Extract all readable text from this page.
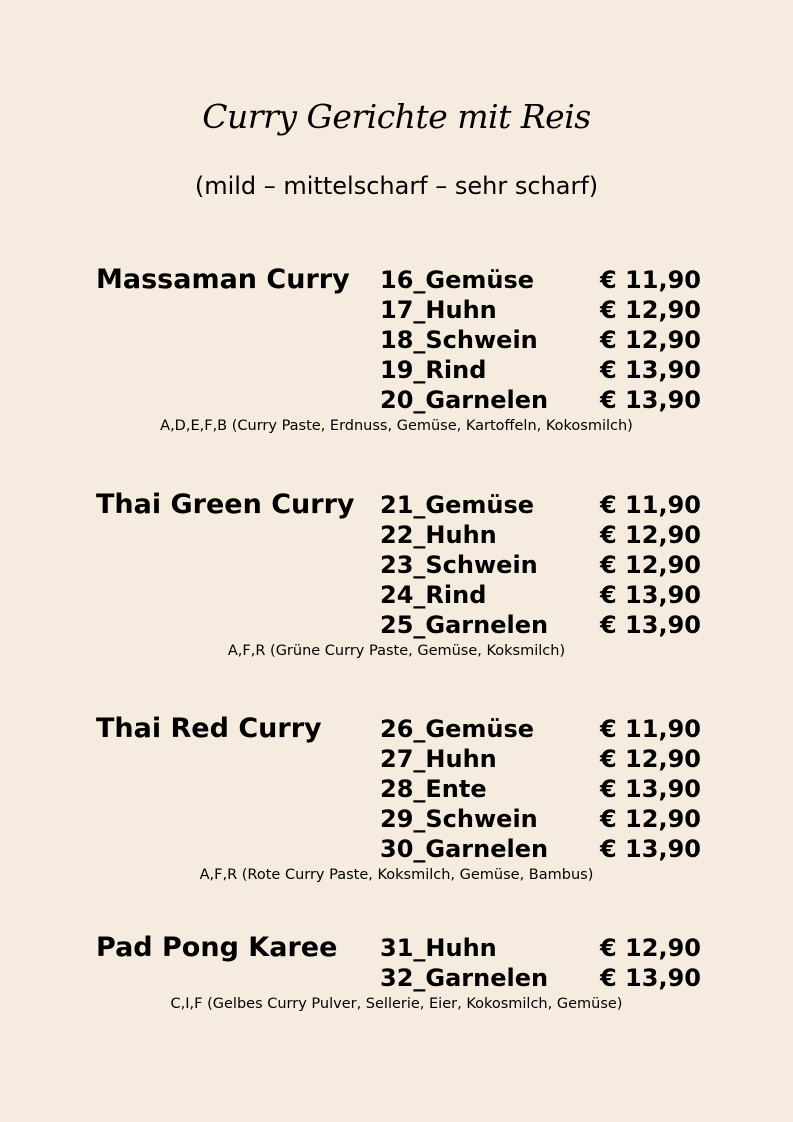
Curry Gerichte mit Reis
(mild – mittelscharf – sehr scharf)
Massaman Curry 16_Gemüse	€ 11,90
17_Huhn	€ 12,90
18_Schwein	€ 12,90
19_Rind	€ 13,90
20_Garnelen € 13,90
A,D,E,F,B (Curry Paste, Erdnuss, Gemüse, Kartoffeln, Kokosmilch)
Thai Green Curry 21_Gemüse	€ 11,90
22_Huhn	€ 12,90
23_Schwein	€ 12,90
24_Rind	€ 13,90
25_Garnelen € 13,90
A,F,R (Grüne Curry Paste, Gemüse, Koksmilch)
Thai Red Curry 26_Gemüse	€ 11,90
27_Huhn	€ 12,90
28_Ente	€ 13,90
29_Schwein	€ 12,90
30_Garnelen € 13,90
A,F,R (Rote Curry Paste, Koksmilch, Gemüse, Bambus)
Pad Pong Karee 31_Huhn	€ 12,90
32_Garnelen € 13,90
C,I,F (Gelbes Curry Pulver, Sellerie, Eier, Kokosmilch, Gemüse)
